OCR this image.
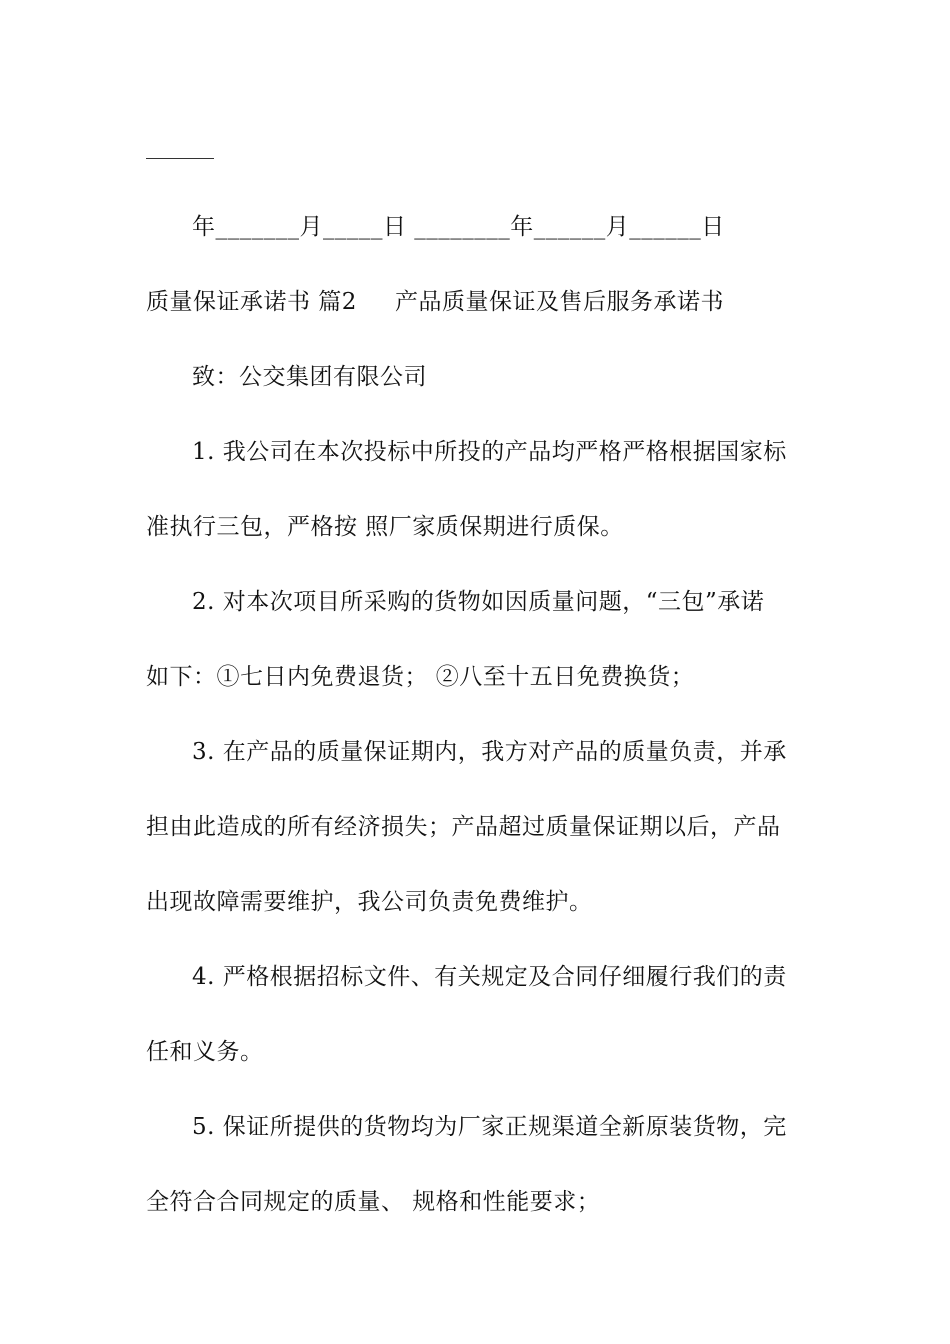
年_______月_____日 ________年______月______日
质量保证承诺书 篇2 产品质量保证及售后服务承诺书
致：公交集团有限公司
1. 我公司在本次投标中所投的产品均严格严格根据国家标
准执行三包，严格按 照厂家质保期进行质保。
2. 对本次项目所采购的货物如因质量问题，“三包”承诺
如下：①七日内免费退货； ②八至十五日免费换货；
3. 在产品的质量保证期内，我方对产品的质量负责，并承
担由此造成的所有经济损失；产品超过质量保证期以后，产品
出现故障需要维护，我公司负责免费维护。
4. 严格根据招标文件、有关规定及合同仔细履行我们的责
任和义务。
5. 保证所提供的货物均为厂家正规渠道全新原装货物，完
全符合合同规定的质量、 规格和性能要求；
